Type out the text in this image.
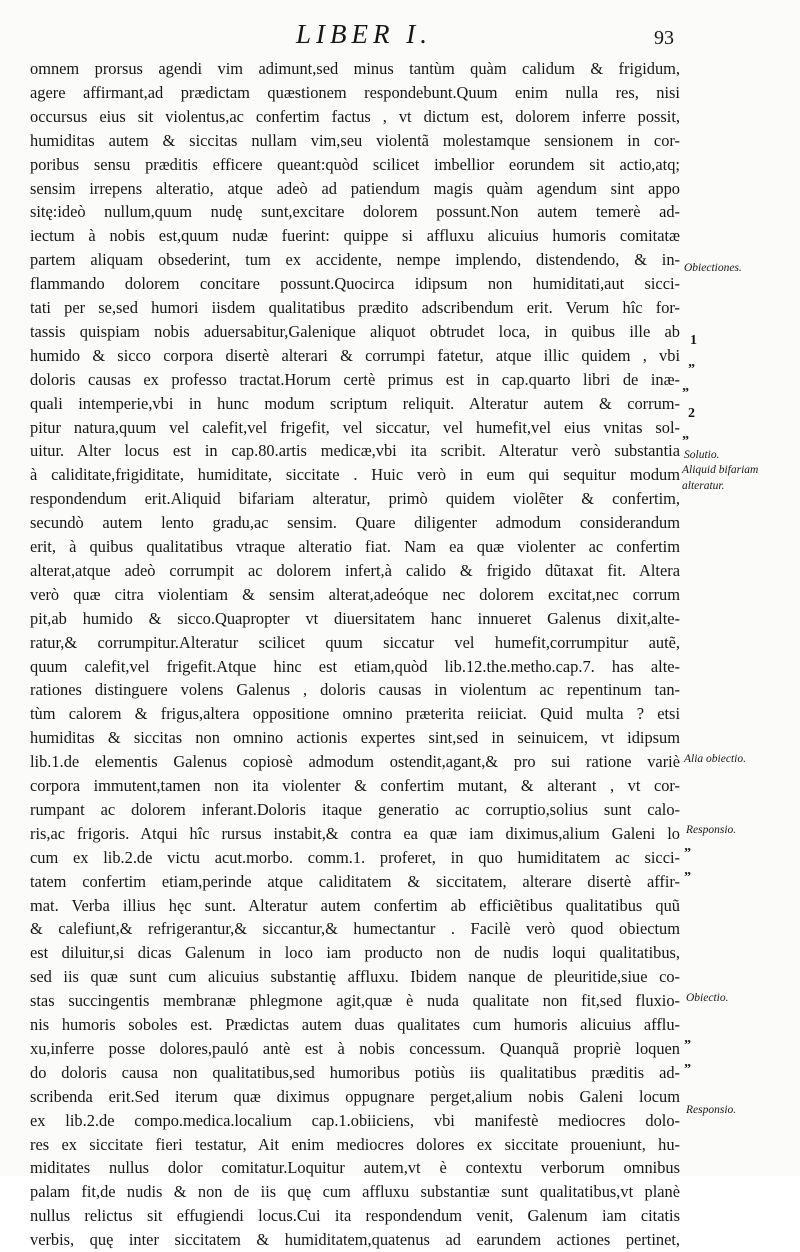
LIBER I.	93
omnem prorsus agendi vim adimunt,sed minus tantùm quàm calidum & frigidum,
agere affirmant,ad prædictam quæstionem respondebunt.Quum enim nulla res, nisi
occursus eius sit violentus,ac confertim factus , vt dictum est, dolorem inferre possit,
humiditas autem & siccitas nullam vim,seu violentã molestamque sensionem in cor-
poribus sensu præditis efficere queant:quòd scilicet imbellior eorundem sit actio,atq;
sensim irrepens alteratio, atque adeò ad patiendum magis quàm agendum sint appo
sitę:ideò nullum,quum nudę sunt,excitare dolorem possunt.Non autem temerè ad-
iectum à nobis est,quum nudæ fuerint: quippe si affluxu alicuius humoris comitatæ
partem aliquam obsederint, tum ex accidente, nempe implendo, distendendo, & in-
flammando dolorem concitare possunt.Quocirca idipsum non humiditati,aut sicci-
tati per se,sed humori iisdem qualitatibus prædito adscribendum erit. Verum hîc for-
tassis quispiam nobis aduersabitur,Galenique aliquot obtrudet loca, in quibus ille ab
humido & sicco corpora disertè alterari & corrumpi fatetur, atque illic quidem , vbi
doloris causas ex professo tractat.Horum certè primus est in cap.quarto libri de inæ-
quali intemperie,vbi in hunc modum scriptum reliquit. Alteratur autem & corrum-
pitur natura,quum vel calefit,vel frigefit, vel siccatur, vel humefit,vel eius vnitas sol-
uitur. Alter locus est in cap.80.artis medicæ,vbi ita scribit. Alteratur verò substantia
à caliditate,frigiditate, humiditate, siccitate . Huic verò in eum qui sequitur modum
respondendum erit.Aliquid bifariam alteratur, primò quidem violẽter & confertim,
secundò autem lento gradu,ac sensim. Quare diligenter admodum considerandum
erit, à quibus qualitatibus vtraque alteratio fiat. Nam ea quæ violenter ac confertim
alterat,atque adeò corrumpit ac dolorem infert,à calido & frigido dũtaxat fit. Altera
verò quæ citra violentiam & sensim alterat,adeóque nec dolorem excitat,nec corrum
pit,ab humido & sicco.Quapropter vt diuersitatem hanc innueret Galenus dixit,alte-
ratur,& corrumpitur.Alteratur scilicet quum siccatur vel humefit,corrumpitur autẽ,
quum calefit,vel frigefit.Atque hinc est etiam,quòd lib.12.the.metho.cap.7. has alte-
rationes distinguere volens Galenus , doloris causas in violentum ac repentinum tan-
tùm calorem & frigus,altera oppositione omnino præterita reiiciat. Quid multa ? etsi
humiditas & siccitas non omnino actionis expertes sint,sed in seinuicem, vt idipsum
lib.1.de elementis Galenus copiosè admodum ostendit,agant,& pro sui ratione variè
corpora immutent,tamen non ita violenter & confertim mutant, & alterant , vt cor-
rumpant ac dolorem inferant.Doloris itaque generatio ac corruptio,solius sunt calo-
ris,ac frigoris. Atqui hîc rursus instabit,& contra ea quæ iam diximus,alium Galeni lo
cum ex lib.2.de victu acut.morbo. comm.1. proferet, in quo humiditatem ac sicci-
tatem confertim etiam,perinde atque caliditatem & siccitatem, alterare disertè affir-
mat. Verba illius hęc sunt. Alteratur autem confertim ab efficiẽtibus qualitatibus quũ
& calefiunt,& refrigerantur,& siccantur,& humectantur . Facilè verò quod obiectum
est diluitur,si dicas Galenum in loco iam producto non de nudis loqui qualitatibus,
sed iis quæ sunt cum alicuius substantię affluxu. Ibidem nanque de pleuritide,siue co-
stas succingentis membranæ phlegmone agit,quæ è nuda qualitate non fit,sed fluxio-
nis humoris soboles est. Prædictas autem duas qualitates cum humoris alicuius afflu-
xu,inferre posse dolores,pauló antè est à nobis concessum. Quanquã propriè loquen
do doloris causa non qualitatibus,sed humoribus potiùs iis qualitatibus præditis ad-
scribenda erit.Sed iterum quæ diximus oppugnare perget,alium nobis Galeni locum
ex lib.2.de compo.medica.localium cap.1.obiiciens, vbi manifestè mediocres dolo-
res ex siccitate fieri testatur, Ait enim mediocres dolores ex siccitate proueniunt, hu-
miditates nullus dolor comitatur.Loquitur autem,vt è contextu verborum omnibus
palam fit,de nudis & non de iis quę cum affluxu substantiæ sunt qualitatibus,vt planè
nullus relictus sit effugiendi locus.Cui ita respondendum venit, Galenum iam citatis
verbis, quę inter siccitatem & humiditatem,quatenus ad earundem actiones pertinet,
Obiectiones.
1
”
”
2
”
Solutio.
Aliquid bifariam
alteratur.
Alia obiectio.
Responsio.
”
”
Obiectio.
”
”
Responsio.
